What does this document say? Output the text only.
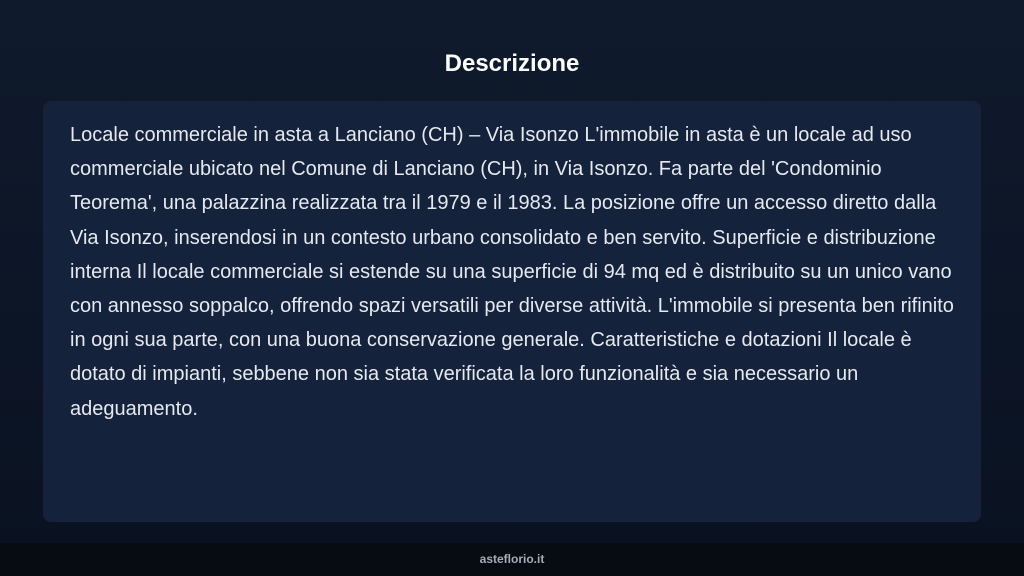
Descrizione

Locale commerciale in asta a Lanciano (CH) – Via Isonzo L'immobile in asta è un locale ad uso commerciale ubicato nel Comune di Lanciano (CH), in Via Isonzo. Fa parte del 'Condominio Teorema', una palazzina realizzata tra il 1979 e il 1983. La posizione offre un accesso diretto dalla Via Isonzo, inserendosi in un contesto urbano consolidato e ben servito. Superficie e distribuzione interna Il locale commerciale si estende su una superficie di 94 mq ed è distribuito su un unico vano con annesso soppalco, offrendo spazi versatili per diverse attività. L'immobile si presenta ben rifinito in ogni sua parte, con una buona conservazione generale. Caratteristiche e dotazioni Il locale è dotato di impianti, sebbene non sia stata verificata la loro funzionalità e sia necessario un adeguamento.

asteflorio.it
